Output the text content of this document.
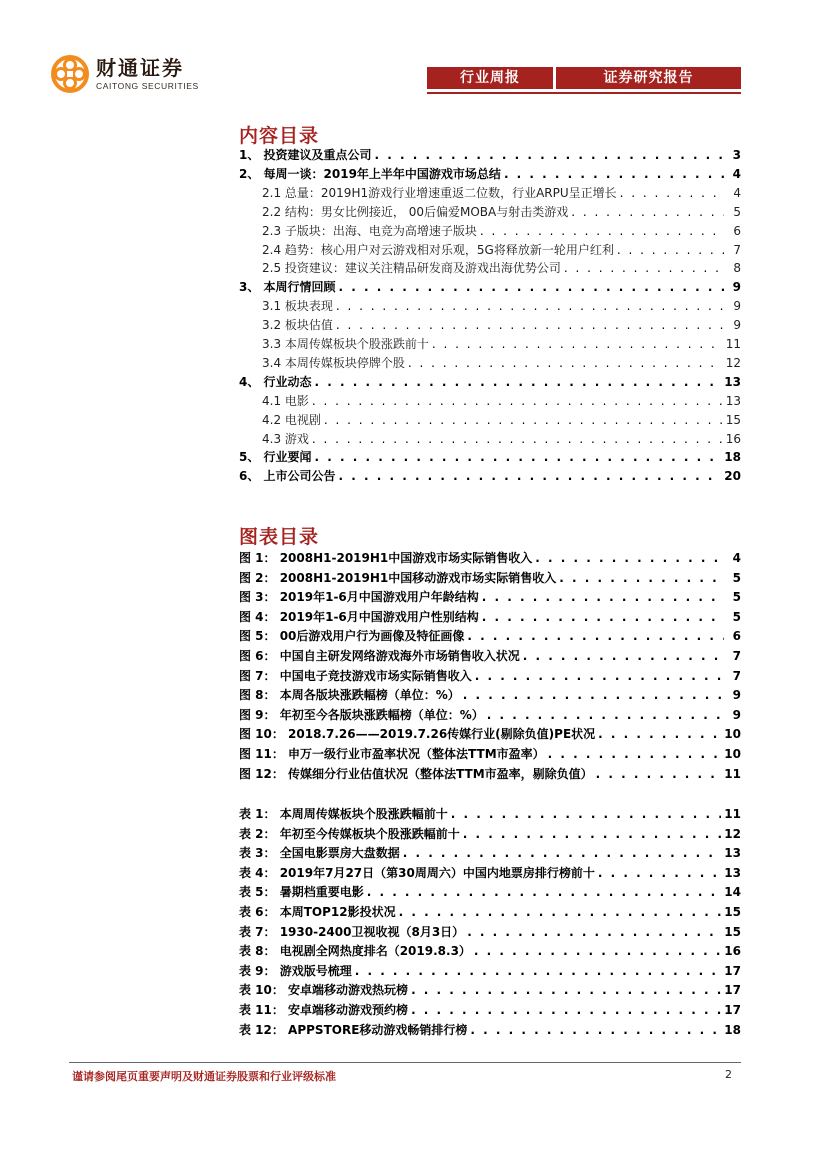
财通证券
CAITONG SECURITIES	行业周报	证券研究报告
内容目录
1、 投资建议及重点公司 . . .	3
2、 每周一谈：2019年上半年中国游戏市场总结 . . .	4
2.1 总量：2019H1游戏行业增速重返二位数，行业ARPU呈正增长 . . .	4
2.2 结构：男女比例接近， 00后偏爱MOBA与射击类游戏 . . .	5
2.3 子版块：出海、电竞为高增速子版块 . . .	6
2.4 趋势：核心用户对云游戏相对乐观，5G将释放新一轮用户红利 . . .	7
2.5 投资建议：建议关注精品研发商及游戏出海优势公司 . . .	8
3、 本周行情回顾 . . .	9
3.1 板块表现 . . .	9
3.2 板块估值 . . .	9
3.3 本周传媒板块个股涨跌前十 . . .	11
3.4 本周传媒板块停牌个股 . . .	12
4、 行业动态 . . .	13
4.1 电影 . . .	13
4.2 电视剧 . . .	15
4.3 游戏 . . .	16
5、 行业要闻 . . .	18
6、 上市公司公告 . . .	20
图表目录
图 1： 2008H1-2019H1中国游戏市场实际销售收入 . . .	4
图 2： 2008H1-2019H1中国移动游戏市场实际销售收入 . . .	5
图 3： 2019年1-6月中国游戏用户年龄结构 . . .	5
图 4： 2019年1-6月中国游戏用户性别结构 . . .	5
图 5： 00后游戏用户行为画像及特征画像 . . .	6
图 6： 中国自主研发网络游戏海外市场销售收入状况 . . .	7
图 7： 中国电子竞技游戏市场实际销售收入 . . .	7
图 8： 本周各版块涨跌幅榜（单位：%） . . .	9
图 9： 年初至今各版块涨跌幅榜（单位：%） . . .	9
图 10： 2018.7.26——2019.7.26传媒行业(剔除负值)PE状况 . . .	10
图 11： 申万一级行业市盈率状况（整体法TTM市盈率） . . .	10
图 12： 传媒细分行业估值状况（整体法TTM市盈率，剔除负值） . . .	11
表 1： 本周周传媒板块个股涨跌幅前十 . . .	11
表 2： 年初至今传媒板块个股涨跌幅前十 . . .	12
表 3： 全国电影票房大盘数据 . . .	13
表 4： 2019年7月27日（第30周周六）中国内地票房排行榜前十 . . .	13
表 5： 暑期档重要电影 . . .	14
表 6： 本周TOP12影投状况 . . .	15
表 7： 1930-2400卫视收视（8月3日） . . .	15
表 8： 电视剧全网热度排名（2019.8.3） . . .	16
表 9： 游戏版号梳理 . . .	17
表 10： 安卓端移动游戏热玩榜 . . .	17
表 11： 安卓端移动游戏预约榜 . . .	17
表 12： APPSTORE移动游戏畅销排行榜 . . .	18
谨请参阅尾页重要声明及财通证券股票和行业评级标准	2
